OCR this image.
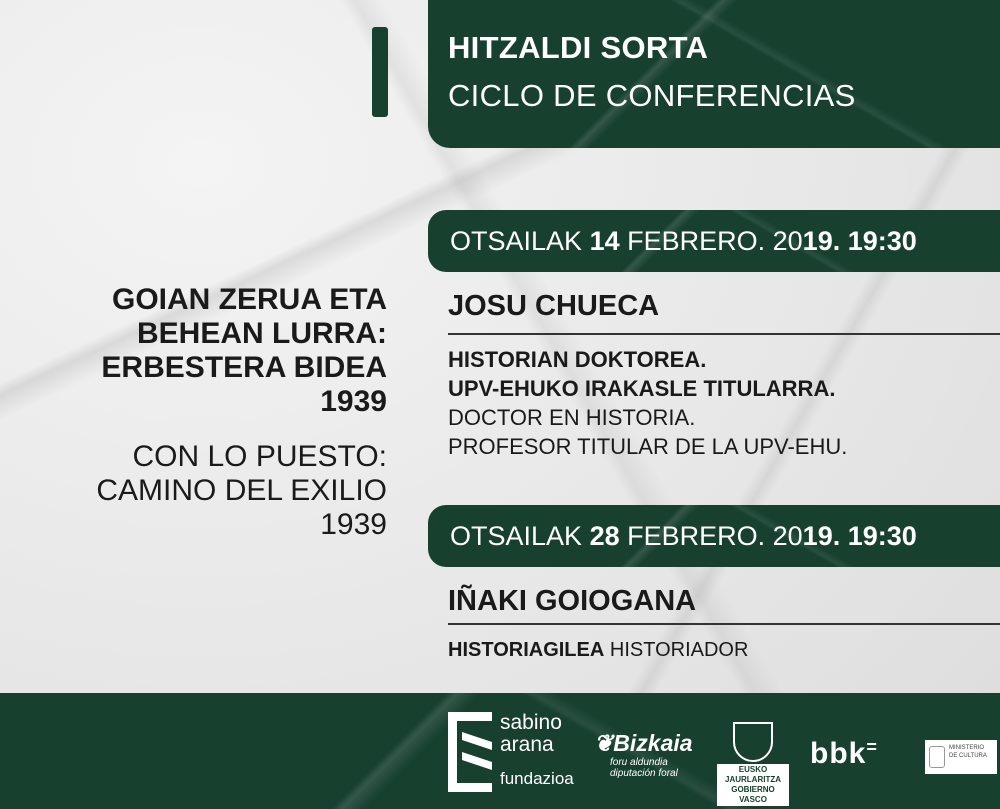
HITZALDI SORTA
CICLO DE CONFERENCIAS
GOIAN ZERUA ETA
BEHEAN LURRA:
ERBESTERA BIDEA
1939
CON LO PUESTO:
CAMINO DEL EXILIO
1939
OTSAILAK 14 FEBRERO. 2019. 19:30
JOSU CHUECA
HISTORIAN DOKTOREA.
UPV-EHUKO IRAKASLE TITULARRA.
DOCTOR EN HISTORIA.
PROFESOR TITULAR DE LA UPV-EHU.
OTSAILAK 28 FEBRERO. 2019. 19:30
IÑAKI GOIOGANA
HISTORIAGILEA HISTORIADOR
sabino
arana
fundazioa
❦Bizkaia
foru aldundia
diputación foral	EUSKO JAURLARITZA
GOBIERNO VASCO
bbk=	MINISTERIO
DE CULTURA
